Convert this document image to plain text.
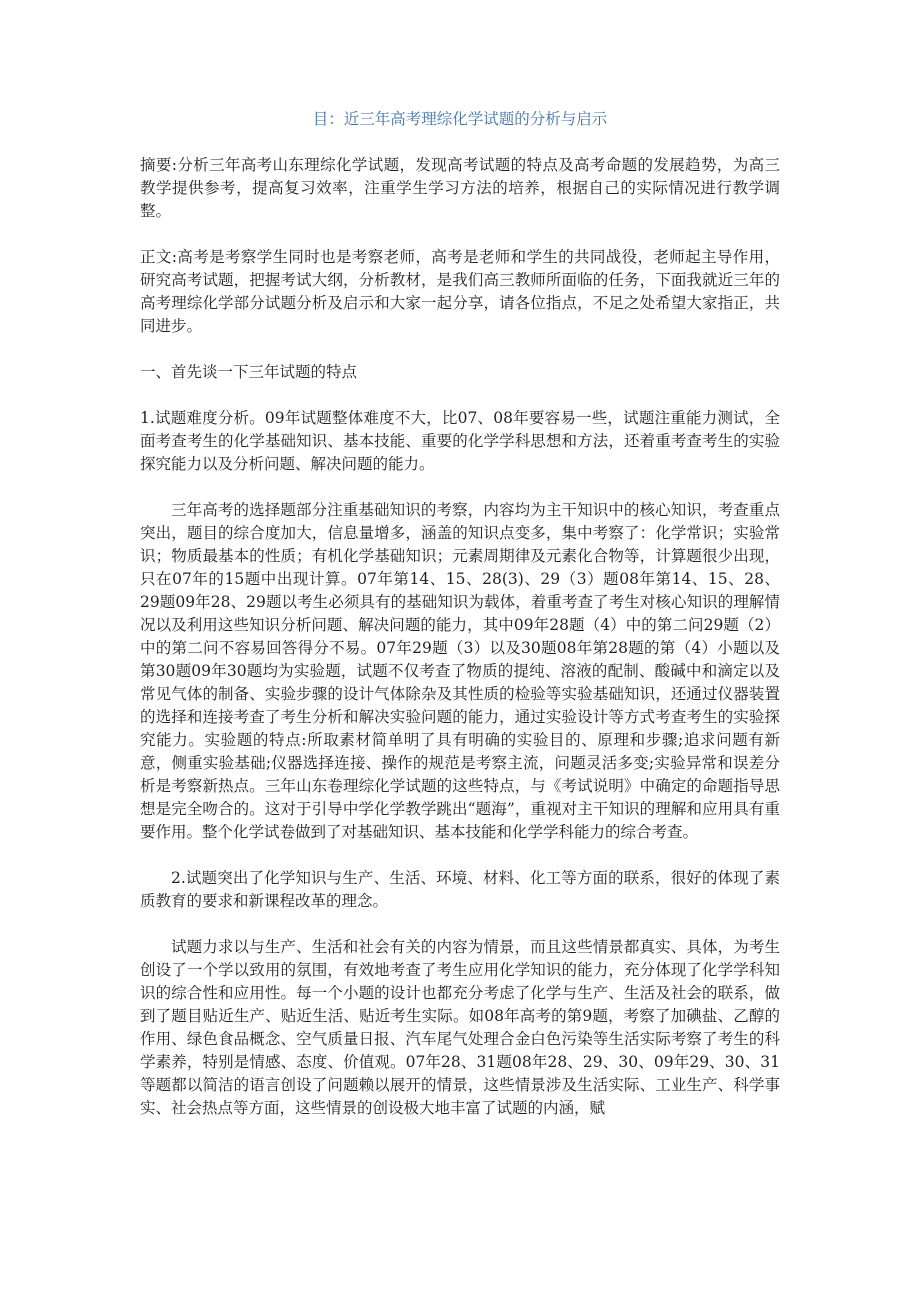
目：近三年高考理综化学试题的分析与启示

摘要:分析三年高考山东理综化学试题，发现高考试题的特点及高考命题的发展趋势，为高三教学提供参考，提高复习效率，注重学生学习方法的培养，根据自己的实际情况进行教学调整。

正文:高考是考察学生同时也是考察老师，高考是老师和学生的共同战役，老师起主导作用，研究高考试题，把握考试大纲，分析教材，是我们高三教师所面临的任务，下面我就近三年的高考理综化学部分试题分析及启示和大家一起分享，请各位指点，不足之处希望大家指正，共同进步。

一、首先谈一下三年试题的特点

1.试题难度分析。09年试题整体难度不大，比07、08年要容易一些，试题注重能力测试，全面考查考生的化学基础知识、基本技能、重要的化学学科思想和方法，还着重考查考生的实验探究能力以及分析问题、解决问题的能力。

三年高考的选择题部分注重基础知识的考察，内容均为主干知识中的核心知识，考查重点突出，题目的综合度加大，信息量增多，涵盖的知识点变多，集中考察了：化学常识；实验常识；物质最基本的性质；有机化学基础知识；元素周期律及元素化合物等，计算题很少出现，只在07年的15题中出现计算。07年第14、15、28(3)、29（3）题08年第14、15、28、29题09年28、29题以考生必须具有的基础知识为载体，着重考查了考生对核心知识的理解情况以及利用这些知识分析问题、解决问题的能力，其中09年28题（4）中的第二问29题（2）中的第二问不容易回答得分不易。07年29题（3）以及30题08年第28题的第（4）小题以及第30题09年30题均为实验题，试题不仅考查了物质的提纯、溶液的配制、酸碱中和滴定以及常见气体的制备、实验步骤的设计气体除杂及其性质的检验等实验基础知识，还通过仪器装置的选择和连接考查了考生分析和解决实验问题的能力，通过实验设计等方式考查考生的实验探究能力。实验题的特点:所取素材简单明了具有明确的实验目的、原理和步骤;追求问题有新意，侧重实验基础;仪器选择连接、操作的规范是考察主流，问题灵活多变;实验异常和误差分析是考察新热点。三年山东卷理综化学试题的这些特点，与《考试说明》中确定的命题指导思想是完全吻合的。这对于引导中学化学教学跳出“题海”，重视对主干知识的理解和应用具有重要作用。整个化学试卷做到了对基础知识、基本技能和化学学科能力的综合考查。

2.试题突出了化学知识与生产、生活、环境、材料、化工等方面的联系，很好的体现了素质教育的要求和新课程改革的理念。

试题力求以与生产、生活和社会有关的内容为情景，而且这些情景都真实、具体，为考生创设了一个学以致用的氛围，有效地考查了考生应用化学知识的能力，充分体现了化学学科知识的综合性和应用性。每一个小题的设计也都充分考虑了化学与生产、生活及社会的联系，做到了题目贴近生产、贴近生活、贴近考生实际。如08年高考的第9题，考察了加碘盐、乙醇的作用、绿色食品概念、空气质量日报、汽车尾气处理合金白色污染等生活实际考察了考生的科学素养，特别是情感、态度、价值观。07年28、31题08年28、29、30、09年29、30、31等题都以简洁的语言创设了问题赖以展开的情景，这些情景涉及生活实际、工业生产、科学事实、社会热点等方面，这些情景的创设极大地丰富了试题的内涵，赋
